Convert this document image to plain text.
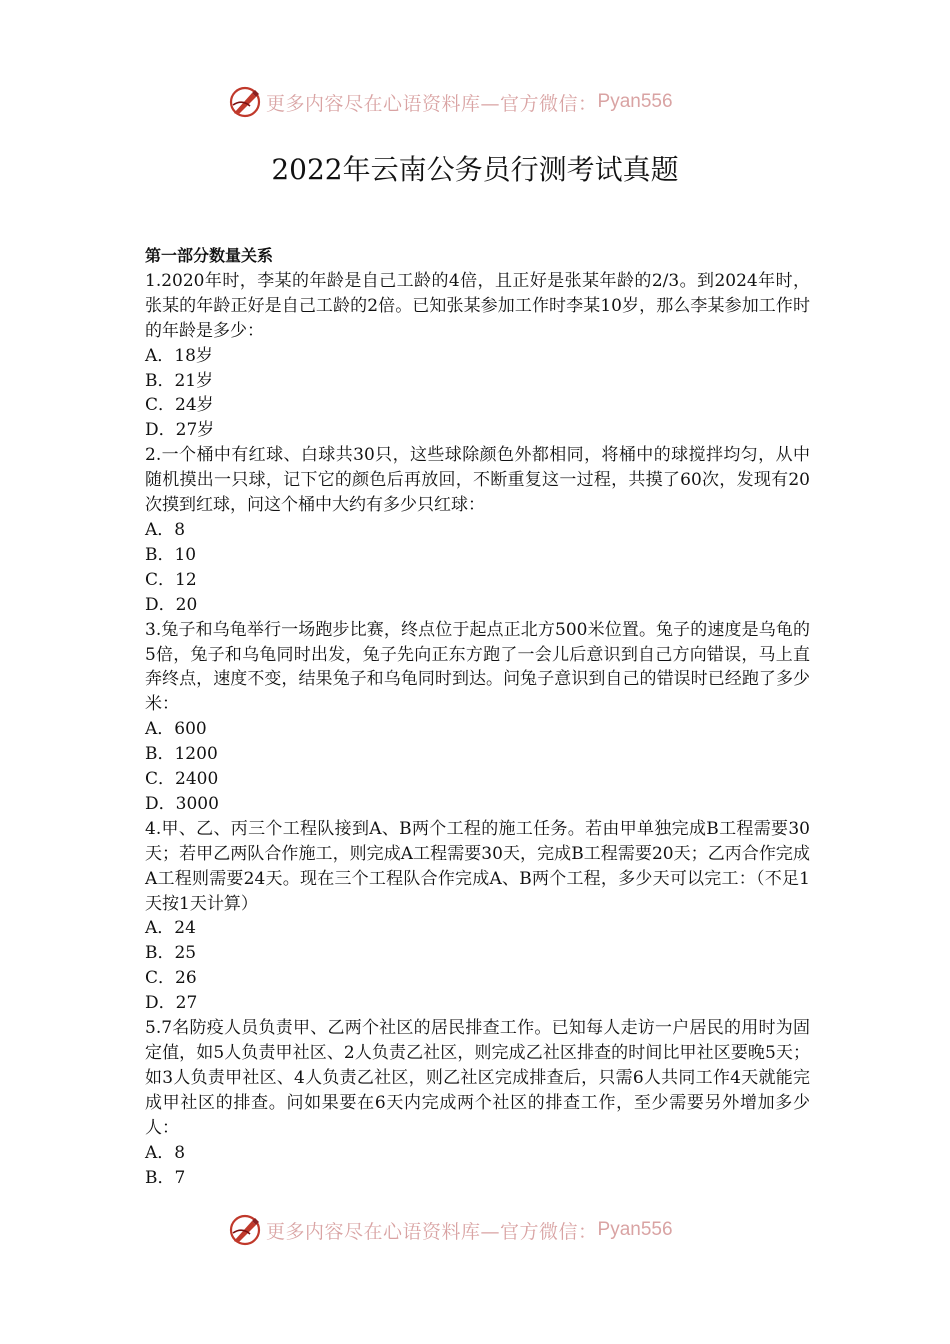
更多内容尽在心语资料库—官方微信： Pyan556
2022年云南公务员行测考试真题
第一部分数量关系
1.2020年时，李某的年龄是自己工龄的4倍，且正好是张某年龄的2/3。到2024年时，张某的年龄正好是自己工龄的2倍。已知张某参加工作时李某10岁，那么李某参加工作时的年龄是多少：
A．18岁
B．21岁
C．24岁
D．27岁
2.一个桶中有红球、白球共30只，这些球除颜色外都相同，将桶中的球搅拌均匀，从中随机摸出一只球，记下它的颜色后再放回，不断重复这一过程，共摸了60次，发现有20次摸到红球，问这个桶中大约有多少只红球：
A．8
B．10
C．12
D．20
3.兔子和乌龟举行一场跑步比赛，终点位于起点正北方500米位置。兔子的速度是乌龟的5倍，兔子和乌龟同时出发，兔子先向正东方跑了一会儿后意识到自己方向错误，马上直奔终点，速度不变，结果兔子和乌龟同时到达。问兔子意识到自己的错误时已经跑了多少米：
A．600
B．1200
C．2400
D．3000
4.甲、乙、丙三个工程队接到A、B两个工程的施工任务。若由甲单独完成B工程需要30天；若甲乙两队合作施工，则完成A工程需要30天，完成B工程需要20天；乙丙合作完成A工程则需要24天。现在三个工程队合作完成A、B两个工程，多少天可以完工：（不足1天按1天计算）
A．24
B．25
C．26
D．27
5.7名防疫人员负责甲、乙两个社区的居民排查工作。已知每人走访一户居民的用时为固定值，如5人负责甲社区、2人负责乙社区，则完成乙社区排查的时间比甲社区要晚5天；如3人负责甲社区、4人负责乙社区，则乙社区完成排查后，只需6人共同工作4天就能完成甲社区的排查。问如果要在6天内完成两个社区的排查工作，至少需要另外增加多少人：
A．8
B．7
更多内容尽在心语资料库—官方微信： Pyan556
